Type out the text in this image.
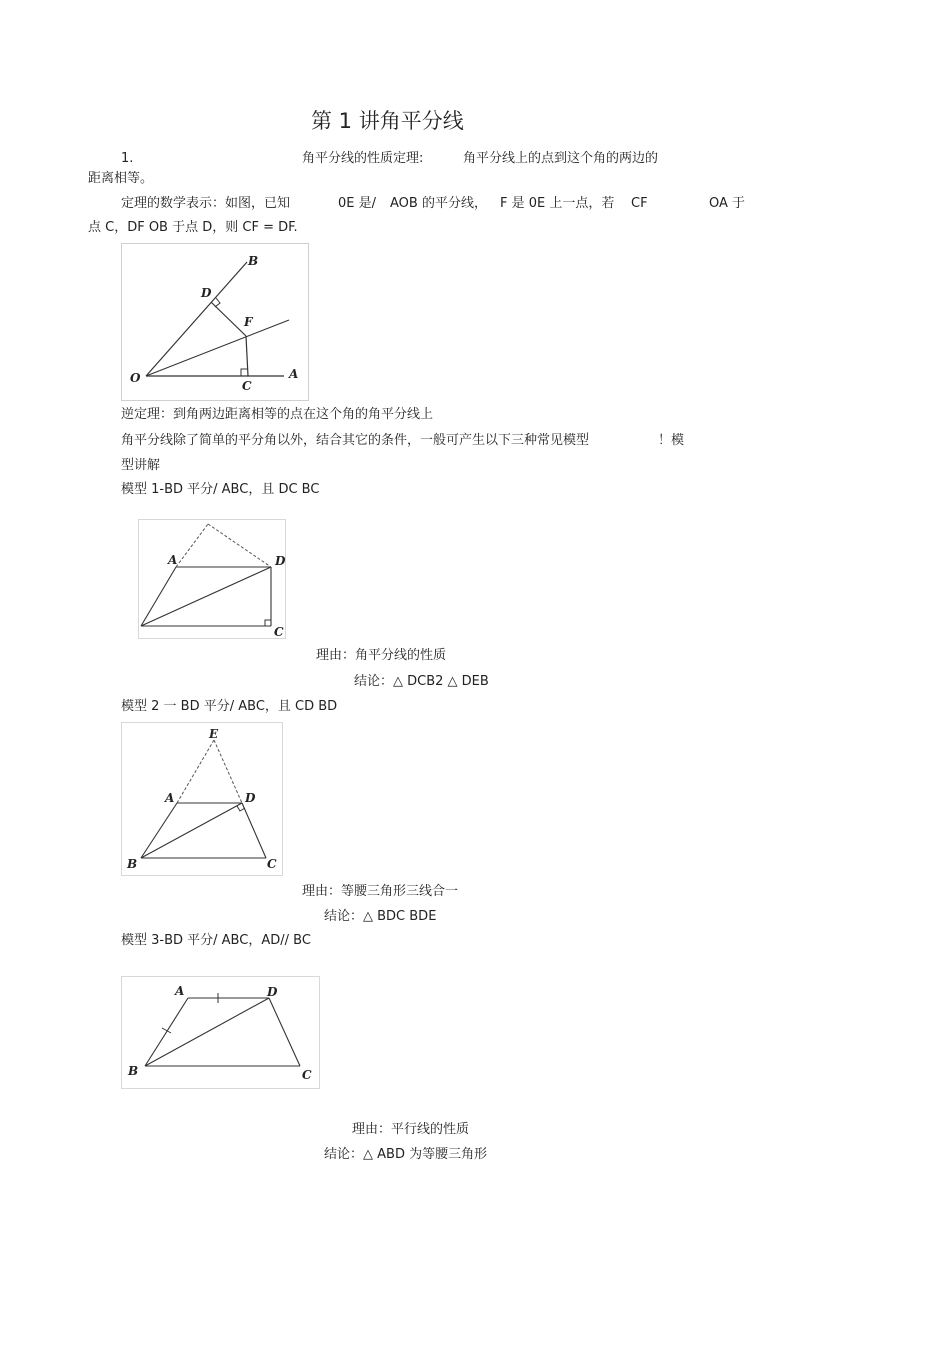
第 1 讲角平分线
1.	角平分线的性质定理:	角平分线上的点到这个角的两边的
距离相等。
定理的数学表示：如图，已知	0E 是/ AOB 的平分线， F 是 0E 上一点，若 CF	OA 于
点 C，DF OB 于点 D，则 CF = DF.
B
D
F
O
C
A
逆定理：到角两边距离相等的点在这个角的角平分线上
角平分线除了简单的平分角以外，结合其它的条件，一般可产生以下三种常见模型	！模
型讲解
模型 1-BD 平分/ ABC，且 DC BC
A	D
C
理由：角平分线的性质
结论：△ DCB2 △ DEB
模型 2 一 BD 平分/ ABC，且 CD BD
E
A	D
B	C
理由：等腰三角形三线合一
结论：△ BDC BDE
模型 3-BD 平分/ ABC，AD// BC
A	D
B	C
理由：平行线的性质
结论：△ ABD 为等腰三角形
